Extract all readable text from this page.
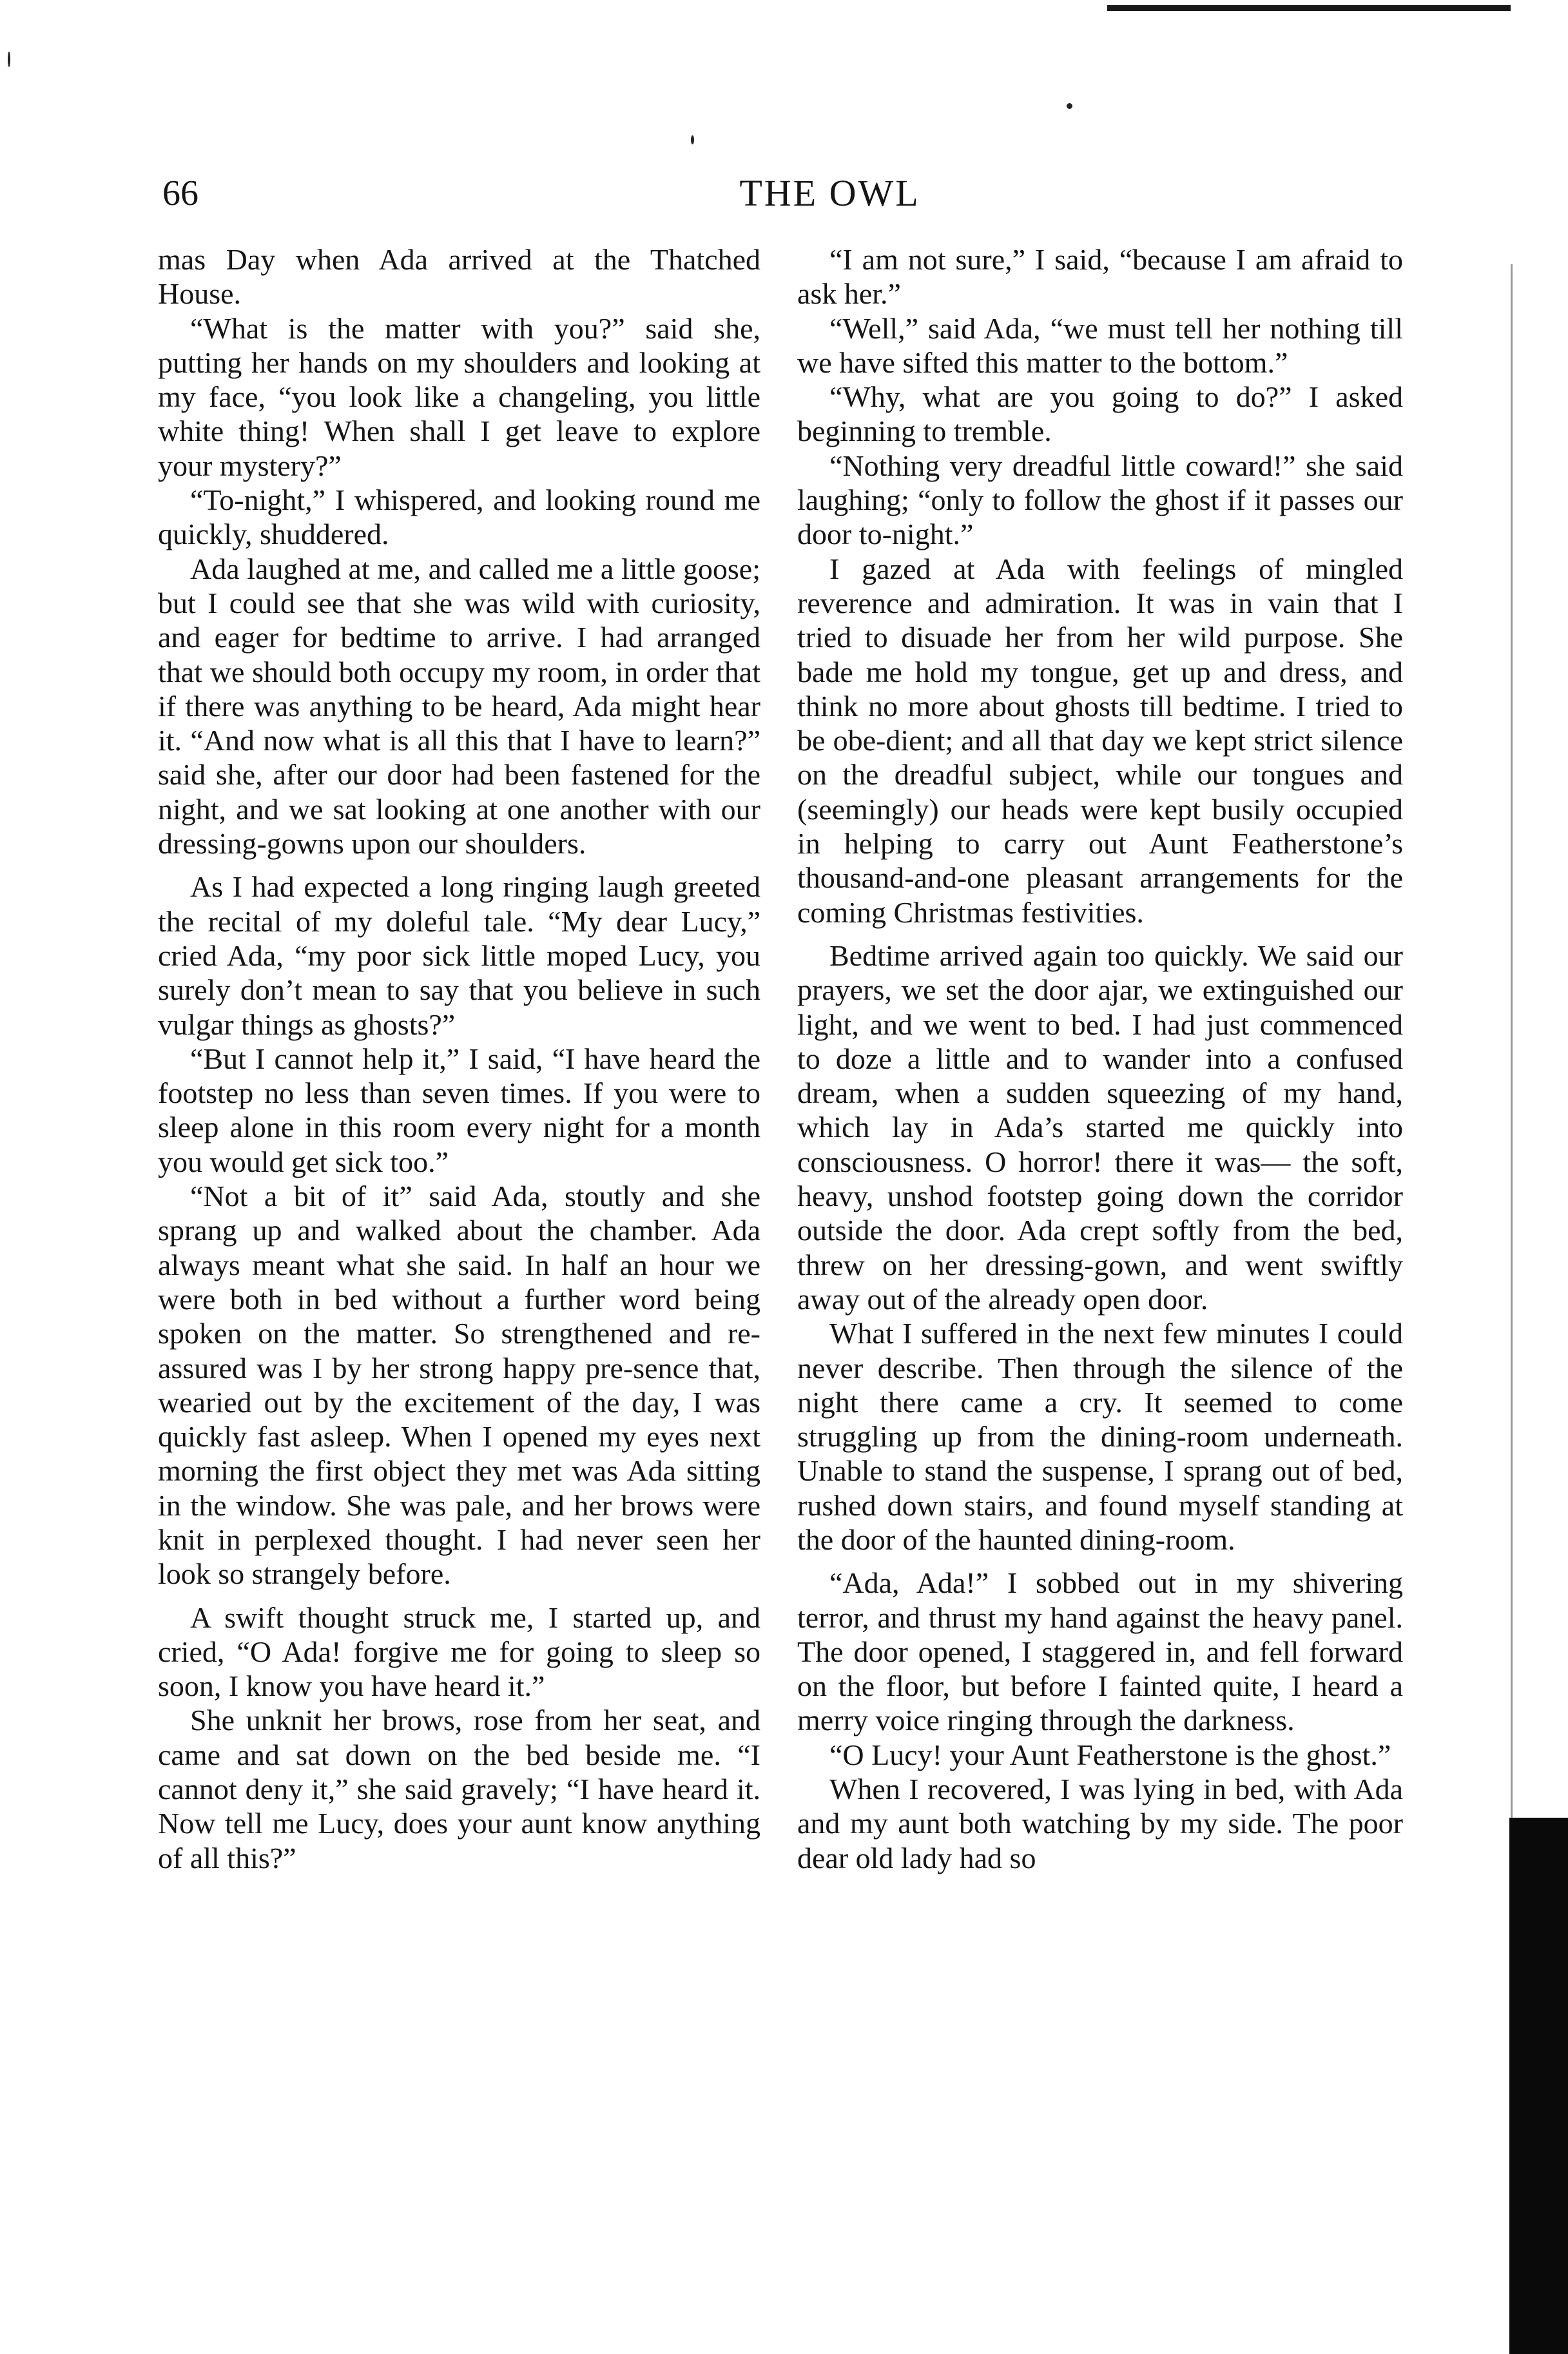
66	THE OWL

mas Day when Ada arrived at the Thatched House.

“What is the matter with you?” said she, putting her hands on my shoulders and looking at my face, “you look like a changeling, you little white thing! When shall I get leave to explore your mystery?”

“To-night,” I whispered, and looking round me quickly, shuddered.

Ada laughed at me, and called me a little goose; but I could see that she was wild with curiosity, and eager for bedtime to arrive. I had arranged that we should both occupy my room, in order that if there was anything to be heard, Ada might hear it. “And now what is all this that I have to learn?” said she, after our door had been fastened for the night, and we sat looking at one another with our dressing-gowns upon our shoulders.

As I had expected a long ringing laugh greeted the recital of my doleful tale. “My dear Lucy,” cried Ada, “my poor sick little moped Lucy, you surely don’t mean to say that you believe in such vulgar things as ghosts?”

“But I cannot help it,” I said, “I have heard the footstep no less than seven times. If you were to sleep alone in this room every night for a month you would get sick too.”

“Not a bit of it” said Ada, stoutly and she sprang up and walked about the chamber. Ada always meant what she said. In half an hour we were both in bed without a further word being spoken on the matter. So strengthened and re-assured was I by her strong happy pre-sence that, wearied out by the excitement of the day, I was quickly fast asleep. When I opened my eyes next morning the first object they met was Ada sitting in the window. She was pale, and her brows were knit in perplexed thought. I had never seen her look so strangely before.

A swift thought struck me, I started up, and cried, “O Ada! forgive me for going to sleep so soon, I know you have heard it.”

She unknit her brows, rose from her seat, and came and sat down on the bed beside me. “I cannot deny it,” she said gravely; “I have heard it. Now tell me Lucy, does your aunt know anything of all this?”

“I am not sure,” I said, “because I am afraid to ask her.”

“Well,” said Ada, “we must tell her nothing till we have sifted this matter to the bottom.”

“Why, what are you going to do?” I asked beginning to tremble.

“Nothing very dreadful little coward!” she said laughing; “only to follow the ghost if it passes our door to-night.”

I gazed at Ada with feelings of mingled reverence and admiration. It was in vain that I tried to disuade her from her wild purpose. She bade me hold my tongue, get up and dress, and think no more about ghosts till bedtime. I tried to be obe-dient; and all that day we kept strict silence on the dreadful subject, while our tongues and (seemingly) our heads were kept busily occupied in helping to carry out Aunt Featherstone’s thousand-and-one pleasant arrangements for the coming Christmas festivities.

Bedtime arrived again too quickly. We said our prayers, we set the door ajar, we extinguished our light, and we went to bed. I had just commenced to doze a little and to wander into a confused dream, when a sudden squeezing of my hand, which lay in Ada’s started me quickly into consciousness. O horror! there it was— the soft, heavy, unshod footstep going down the corridor outside the door. Ada crept softly from the bed, threw on her dressing-gown, and went swiftly away out of the already open door.

What I suffered in the next few minutes I could never describe. Then through the silence of the night there came a cry. It seemed to come struggling up from the dining-room underneath. Unable to stand the suspense, I sprang out of bed, rushed down stairs, and found myself standing at the door of the haunted dining-room.

“Ada, Ada!” I sobbed out in my shivering terror, and thrust my hand against the heavy panel. The door opened, I staggered in, and fell forward on the floor, but before I fainted quite, I heard a merry voice ringing through the darkness.

“O Lucy! your Aunt Featherstone is the ghost.”

When I recovered, I was lying in bed, with Ada and my aunt both watching by my side. The poor dear old lady had so
